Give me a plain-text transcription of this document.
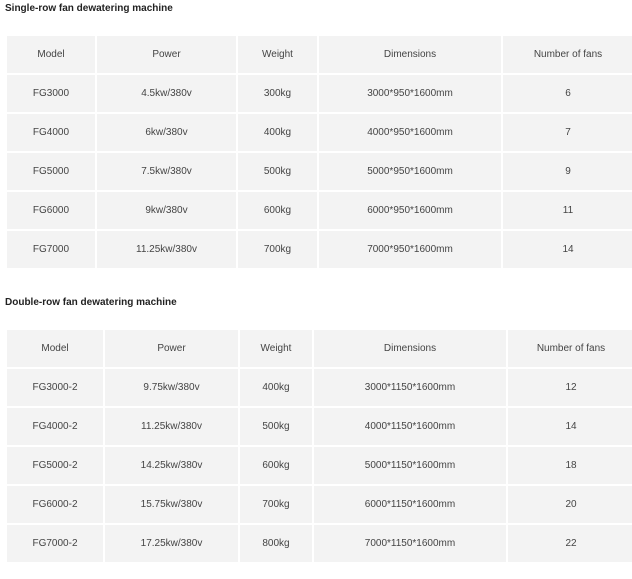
Single-row fan dewatering machine
Model	Power	Weight	Dimensions	Number of fans
FG3000	4.5kw/380v	300kg	3000*950*1600mm	6
FG4000	6kw/380v	400kg	4000*950*1600mm	7
FG5000	7.5kw/380v	500kg	5000*950*1600mm	9
FG6000	9kw/380v	600kg	6000*950*1600mm	11
FG7000	11.25kw/380v	700kg	7000*950*1600mm	14
Double-row fan dewatering machine
Model	Power	Weight	Dimensions	Number of fans
FG3000-2	9.75kw/380v	400kg	3000*1150*1600mm	12
FG4000-2	11.25kw/380v	500kg	4000*1150*1600mm	14
FG5000-2	14.25kw/380v	600kg	5000*1150*1600mm	18
FG6000-2	15.75kw/380v	700kg	6000*1150*1600mm	20
FG7000-2	17.25kw/380v	800kg	7000*1150*1600mm	22
